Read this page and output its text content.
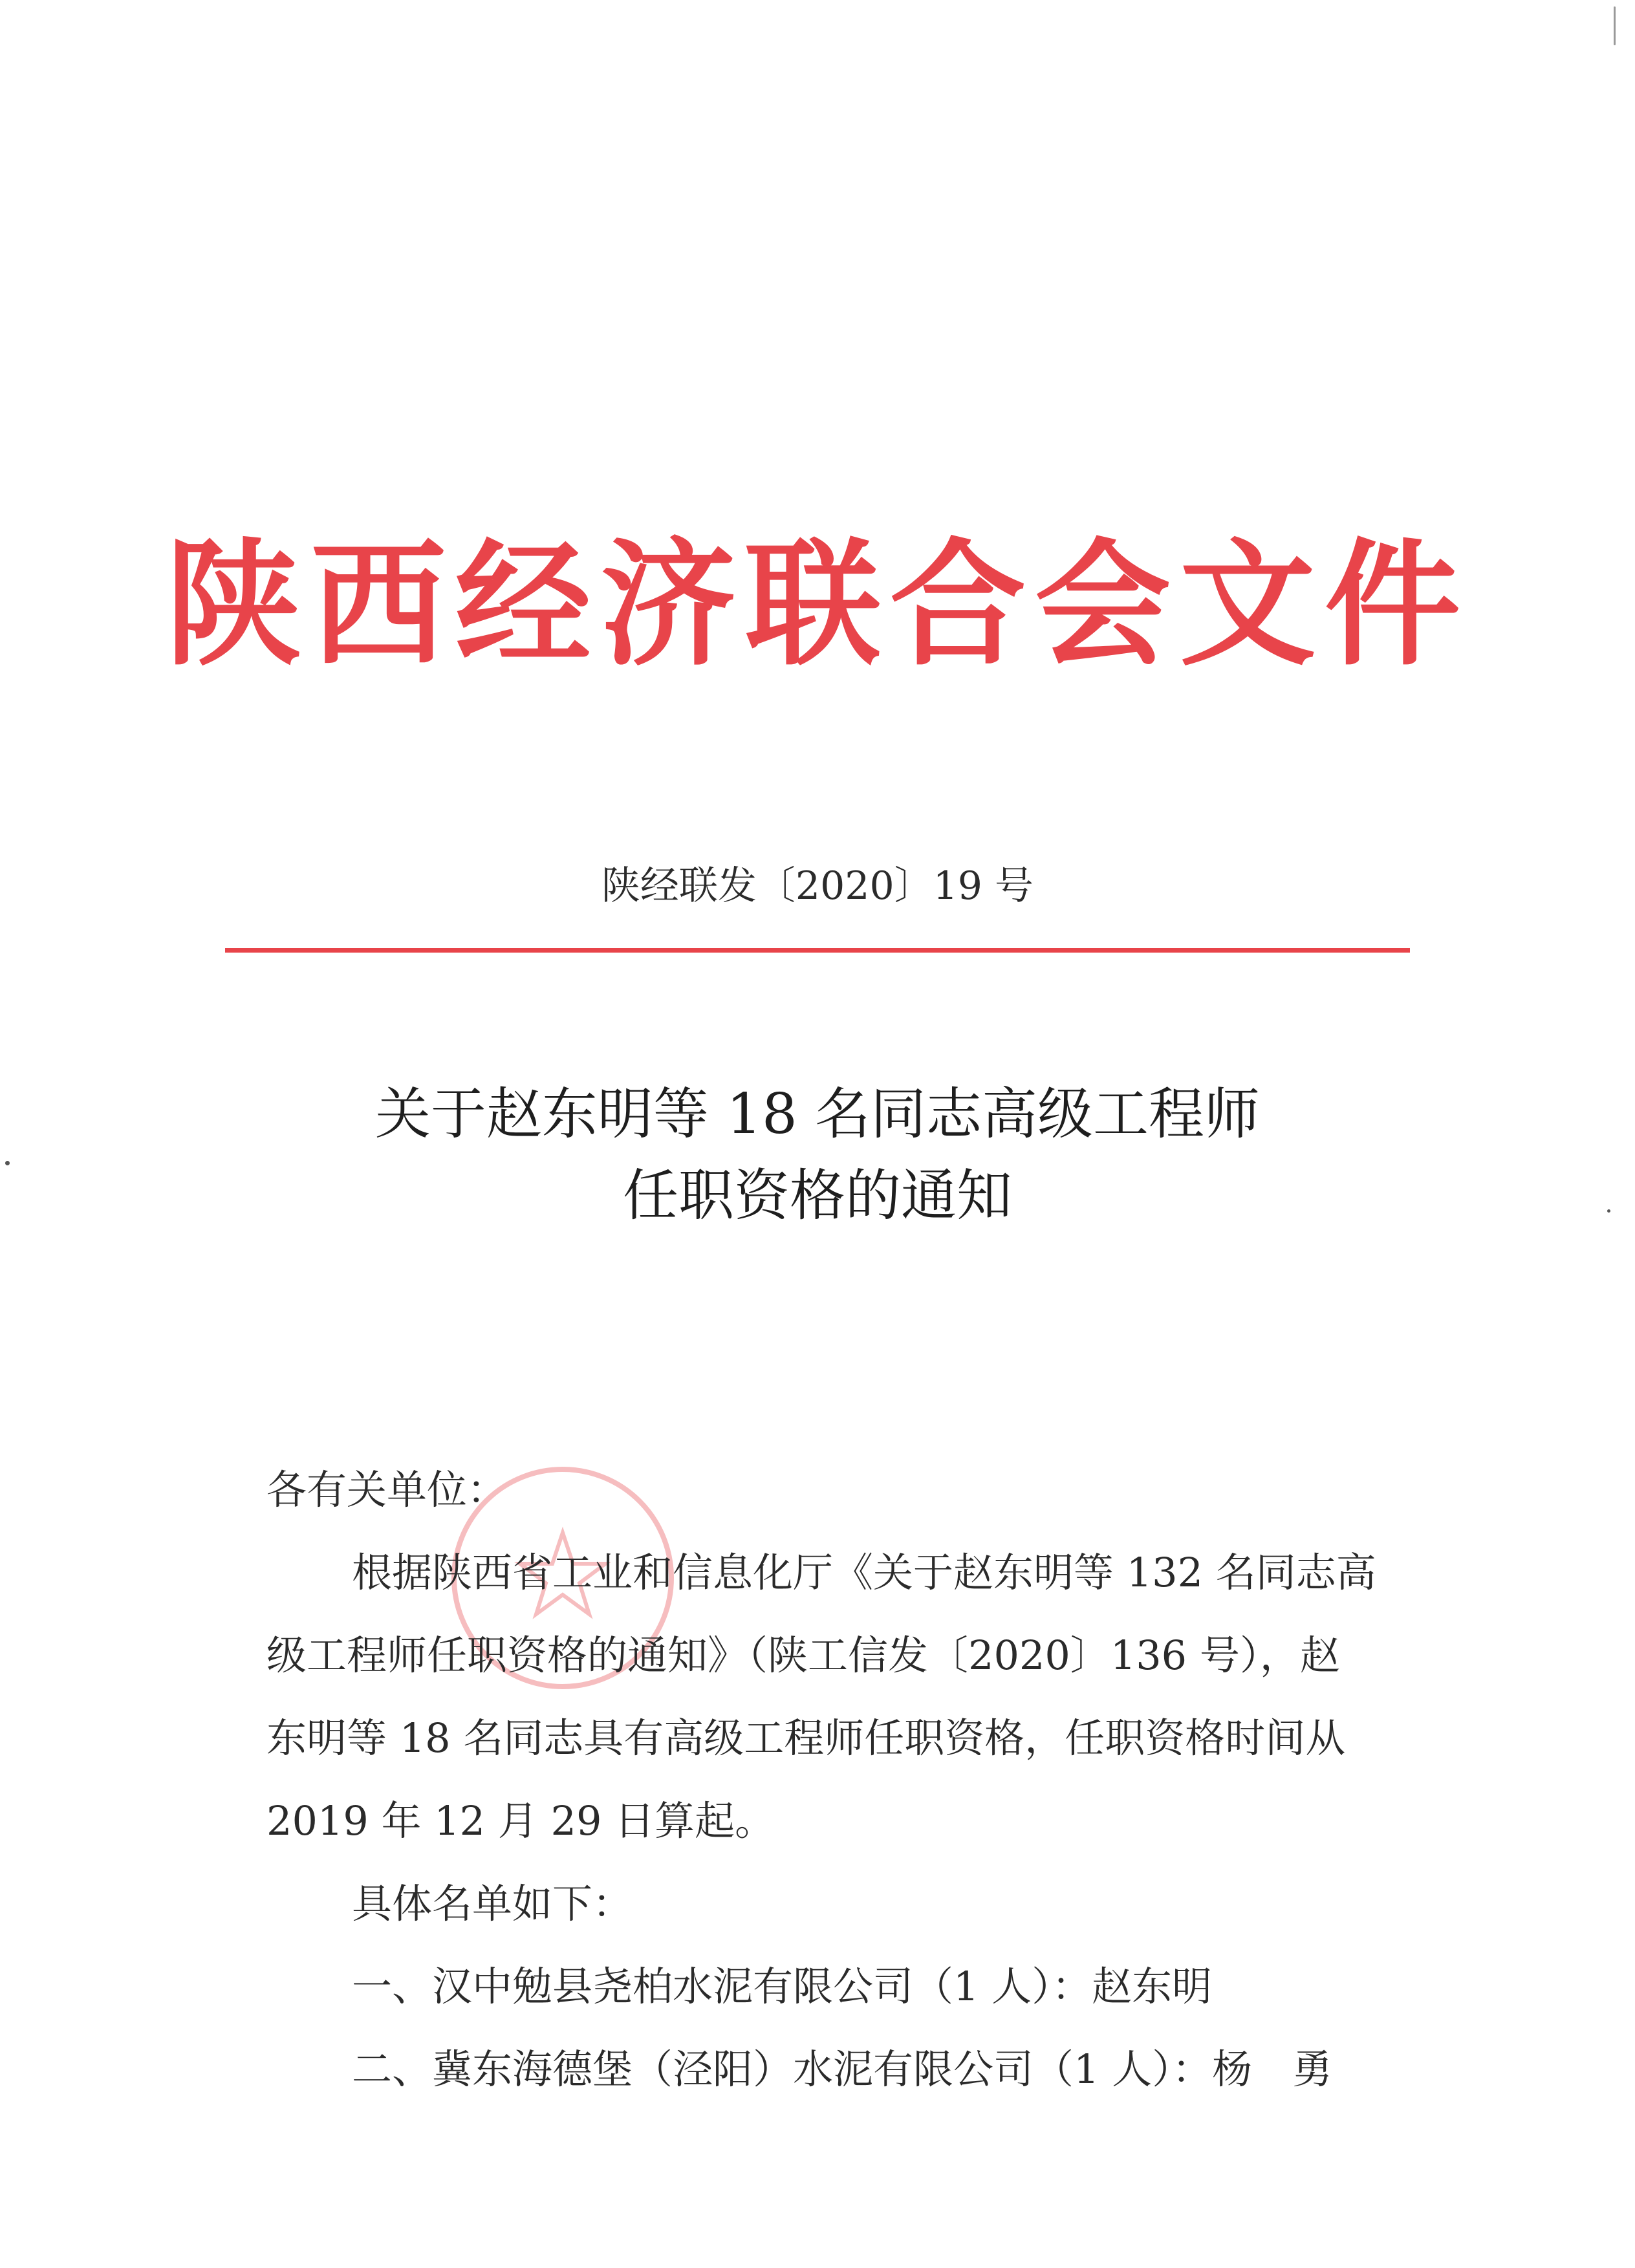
陕西经济联合会文件
陕经联发〔2020〕19 号
关于赵东明等 18 名同志高级工程师
任职资格的通知

各有关单位：

根据陕西省工业和信息化厅《关于赵东明等 132 名同志高级工程师任职资格的通知》（陕工信发〔2020〕136 号），赵东明等 18 名同志具有高级工程师任职资格，任职资格时间从 2019 年 12 月 29 日算起。

具体名单如下：

一、汉中勉县尧柏水泥有限公司（1 人）：赵东明

二、冀东海德堡（泾阳）水泥有限公司（1 人）：杨　勇
